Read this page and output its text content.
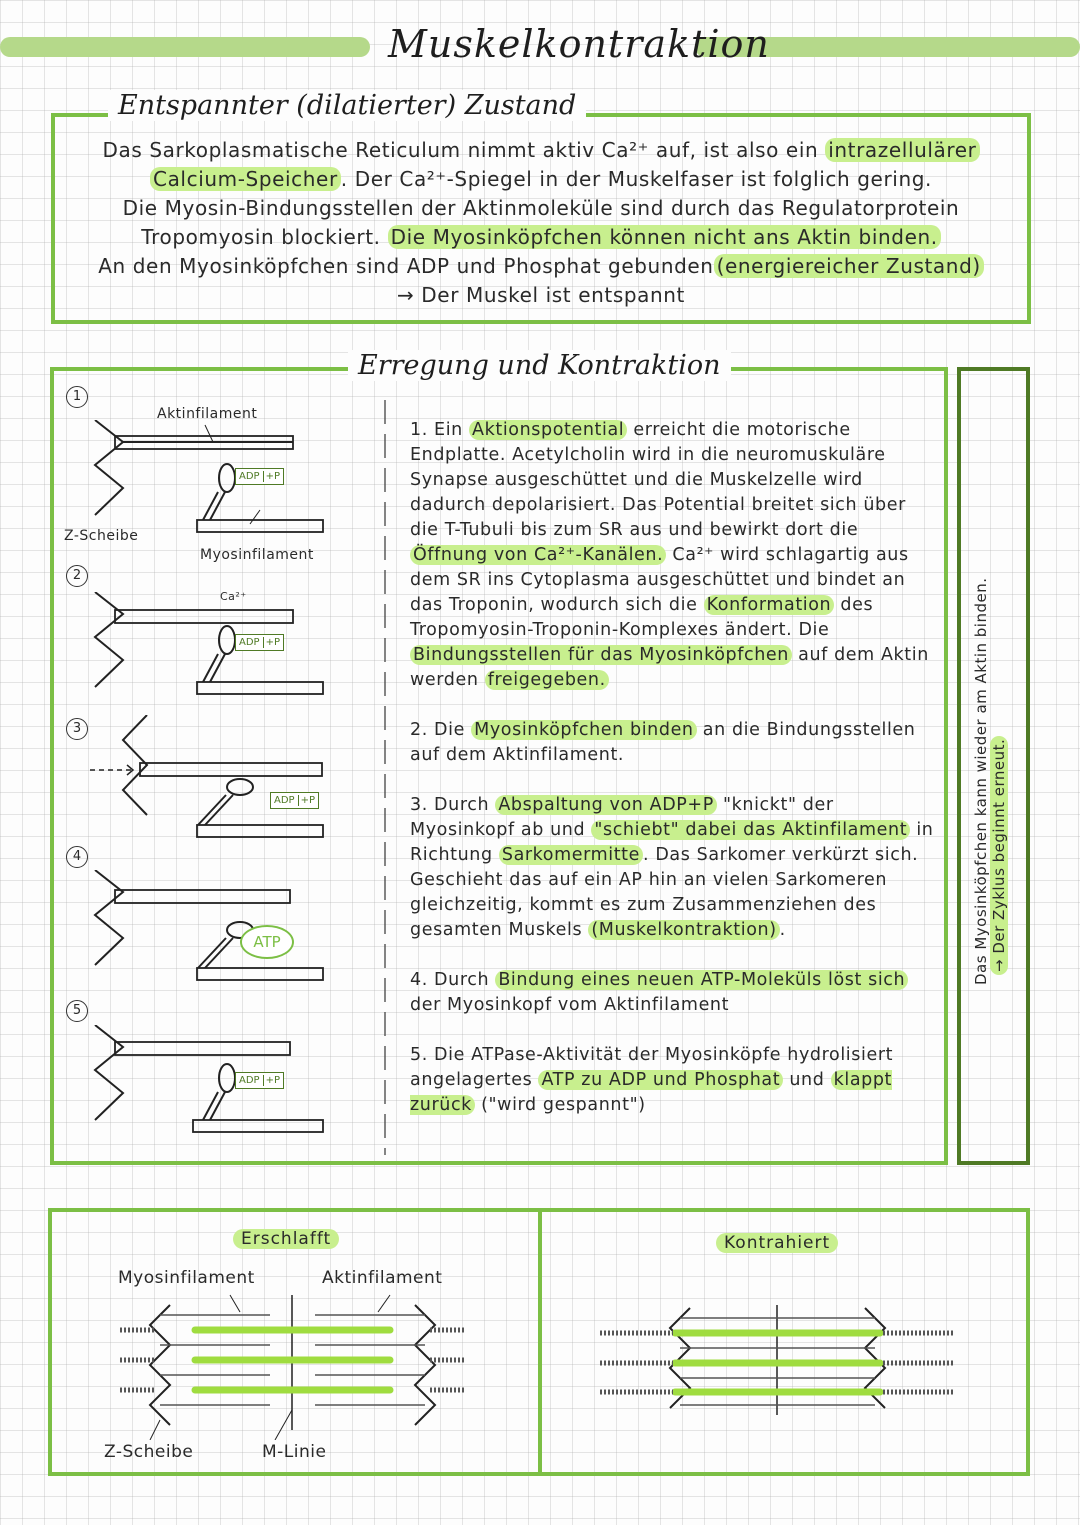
Muskelkontraktion
Entspannter (dilatierter) Zustand
Das Sarkoplasmatische Reticulum nimmt aktiv Ca²⁺ auf, ist also ein intrazellulärer
Calcium-Speicher . Der Ca²⁺-Spiegel in der Muskelfaser ist folglich gering.
Die Myosin-Bindungsstellen der Aktinmoleküle sind durch das Regulatorprotein
Tropomyosin blockiert. Die Myosinköpfchen können nicht ans Aktin binden.
An den Myosinköpfchen sind ADP und Phosphat gebunden (energiereicher Zustand)
→ Der Muskel ist entspannt
Erregung und Kontraktion

1. Ein Aktionspotential erreicht die motorische Endplatte. Acetylcholin wird in die neuromuskuläre Synapse ausgeschüttet und die Muskelzelle wird dadurch depolarisiert. Das Potential breitet sich über die T-Tubuli bis zum SR aus und bewirkt dort die Öffnung von Ca²⁺-Kanälen. Ca²⁺ wird schlagartig aus dem SR ins Cytoplasma ausgeschüttet und bindet an das Troponin, wodurch sich die Konformation des Tropomyosin-Troponin-Komplexes ändert. Die Bindungsstellen für das Myosinköpfchen auf dem Aktin werden freigegeben.

2. Die Myosinköpfchen binden an die Bindungsstellen auf dem Aktinfilament.

3. Durch Abspaltung von ADP+P "knickt" der Myosinkopf ab und "schiebt" dabei das Aktinfilament in Richtung Sarkomermitte . Das Sarkomer verkürzt sich. Geschieht das auf ein AP hin an vielen Sarkomeren gleichzeitig, kommt es zum Zusammenziehen des gesamten Muskels (Muskelkontraktion) .

4. Durch Bindung eines neuen ATP-Moleküls löst sich der Myosinkopf vom Aktinfilament

5. Die ATPase-Aktivität der Myosinköpfe hydrolisiert angelagertes ATP zu ADP und Phosphat und klappt zurück ("wird gespannt")

Das Myosinköpfchen kann wieder am Aktin binden. → Der Zyklus beginnt erneut.
1
2
3
4
5
Aktinfilament
Z-Scheibe
Myosinfilament
Ca²⁺
ADP +P
ADP +P
ADP +P
ATP
ADP +P
Erschlafft	Kontrahiert
Myosinfilament	Aktinfilament
Z-Scheibe	M-Linie
